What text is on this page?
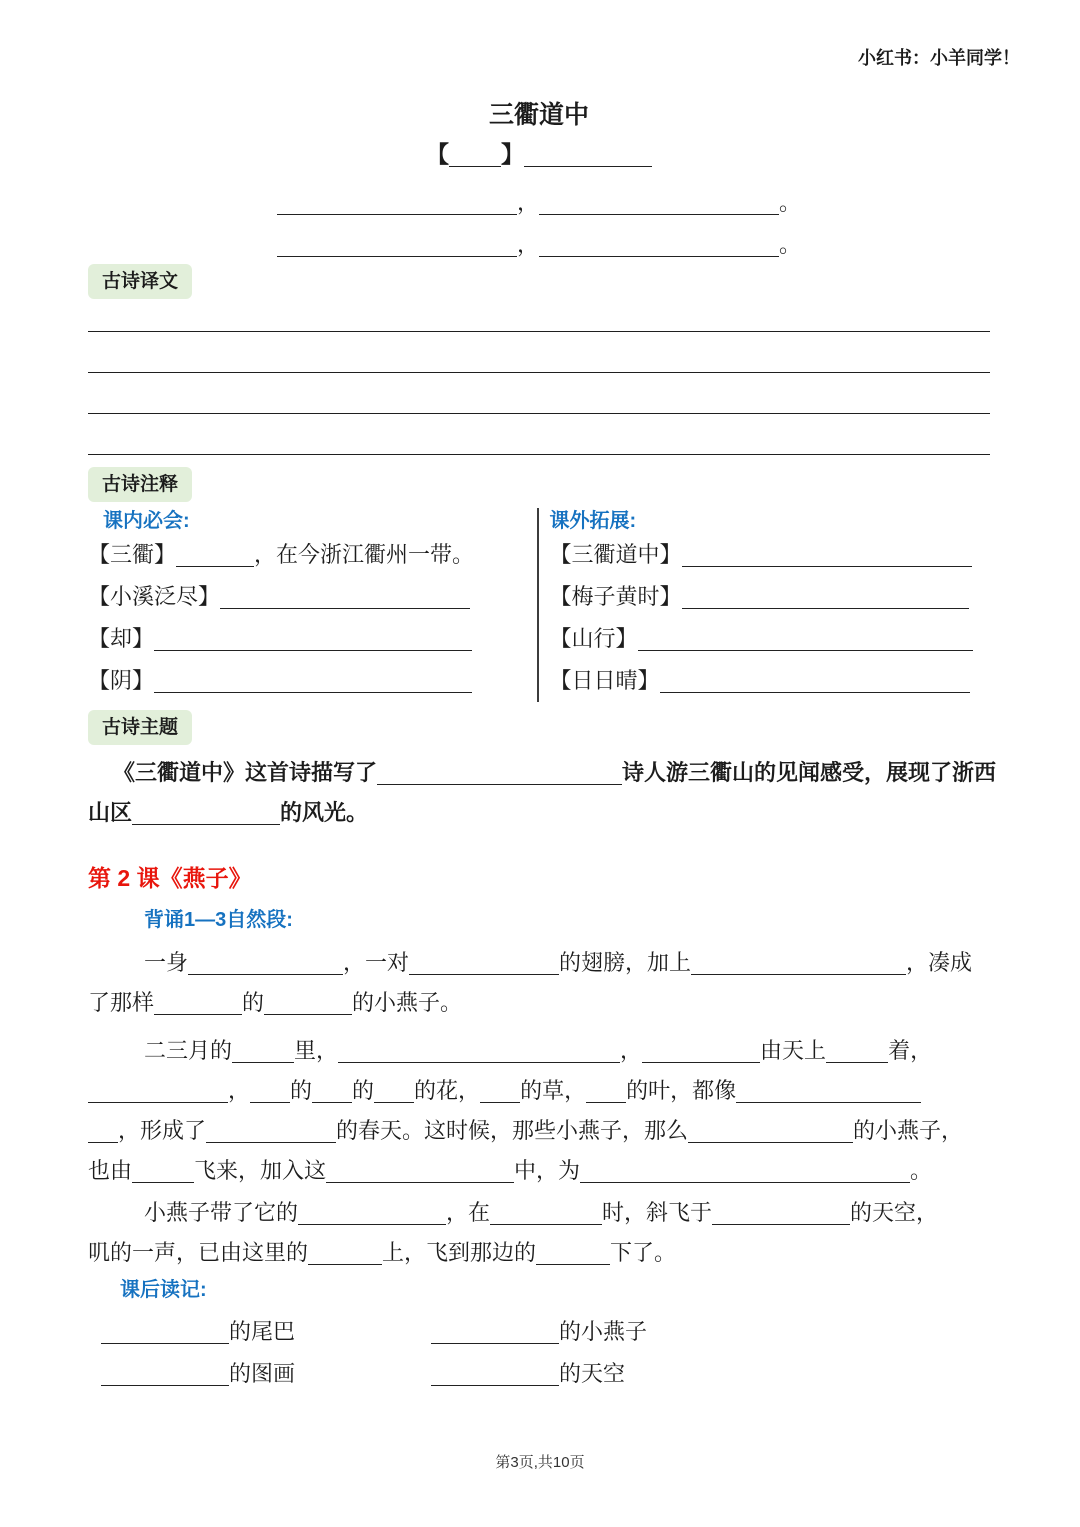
小红书：小羊同学！
三衢道中
【 】
，	。
，	。
古诗译文
古诗注释
课内必会:
【三衢】	，在今浙江衢州一带。
【小溪泛尽】
【却】
【阴】
课外拓展:
【三衢道中】
【梅子黄时】
【山行】
【日日晴】
古诗主题
《三衢道中》这首诗描写了	诗人游三衢山的见闻感受，展现了浙西
山区	的风光。
第 2 课《燕子》
背诵1—3自然段:
一身	，一对	的翅膀，加上	，凑成
了那样	的	的小燕子。
二三月的	里，	，	由天上	着，
， 的 的 的花， 的草， 的叶，都像
，形成了	的春天。这时候，那些小燕子，那么	的小燕子，
也由	飞来，加入这	中，为	。
小燕子带了它的	，在	时，斜飞于	的天空，
叽的一声，已由这里的	上，飞到那边的	下了。
课后读记:
的尾巴	的小燕子
的图画	的天空
第3页,共10页
